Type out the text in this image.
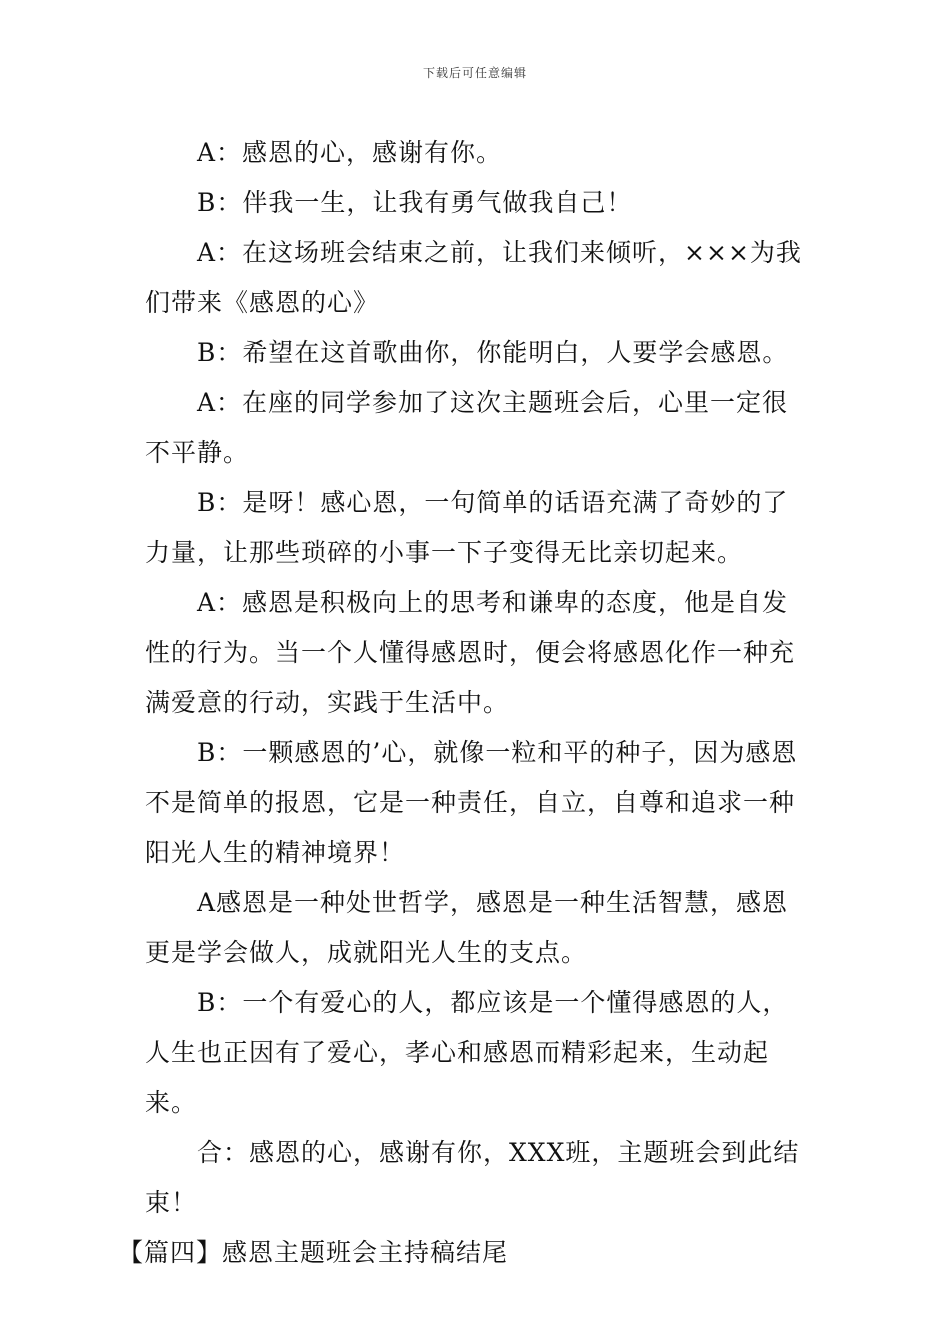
下载后可任意编辑

A：感恩的心，感谢有你。

B：伴我一生，让我有勇气做我自己！

A：在这场班会结束之前，让我们来倾听，×××为我们带来《感恩的心》

B：希望在这首歌曲你，你能明白，人要学会感恩。

A：在座的同学参加了这次主题班会后，心里一定很不平静。

B：是呀！感心恩，一句简单的话语充满了奇妙的了力量，让那些琐碎的小事一下子变得无比亲切起来。

A：感恩是积极向上的思考和谦卑的态度，他是自发性的行为。当一个人懂得感恩时，便会将感恩化作一种充满爱意的行动，实践于生活中。

B：一颗感恩的’心，就像一粒和平的种子，因为感恩不是简单的报恩，它是一种责任，自立，自尊和追求一种阳光人生的精神境界！

A感恩是一种处世哲学，感恩是一种生活智慧，感恩更是学会做人，成就阳光人生的支点。

B：一个有爱心的人，都应该是一个懂得感恩的人，人生也正因有了爱心，孝心和感恩而精彩起来，生动起来。

合：感恩的心，感谢有你，XXX班，主题班会到此结束！

【篇四】感恩主题班会主持稿结尾
